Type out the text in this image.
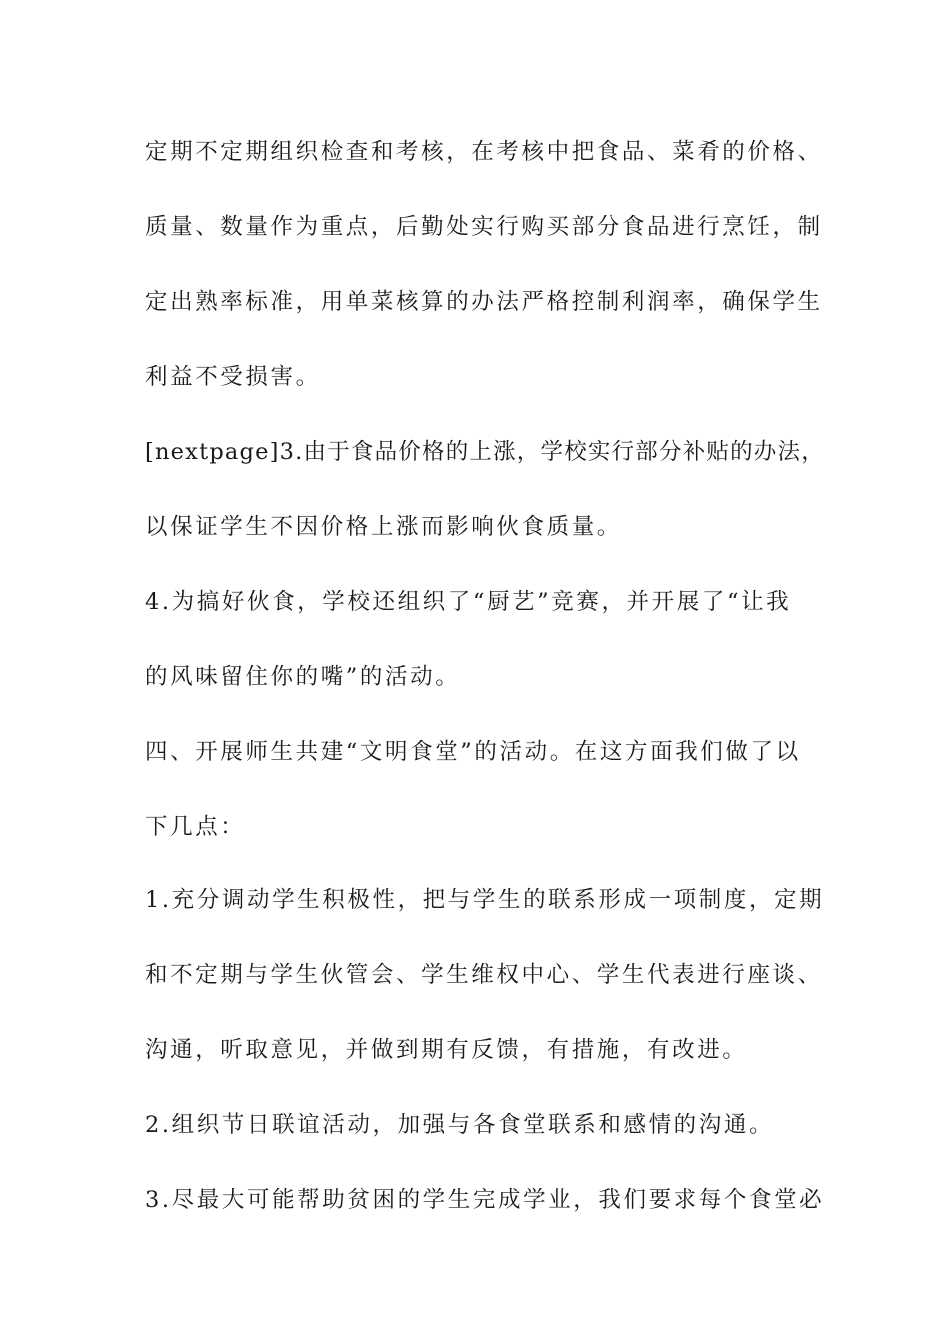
定期不定期组织检查和考核，在考核中把食品、菜肴的价格、

质量、数量作为重点，后勤处实行购买部分食品进行烹饪，制

定出熟率标准，用单菜核算的办法严格控制利润率，确保学生

利益不受损害。

[nextpage]3.由于食品价格的上涨，学校实行部分补贴的办法，

以保证学生不因价格上涨而影响伙食质量。

4.为搞好伙食，学校还组织了“厨艺”竞赛，并开展了“让我

的风味留住你的嘴”的活动。

四、开展师生共建“文明食堂”的活动。在这方面我们做了以

下几点：

1.充分调动学生积极性，把与学生的联系形成一项制度，定期

和不定期与学生伙管会、学生维权中心、学生代表进行座谈、

沟通，听取意见，并做到期有反馈，有措施，有改进。

2.组织节日联谊活动，加强与各食堂联系和感情的沟通。

3.尽最大可能帮助贫困的学生完成学业，我们要求每个食堂必
